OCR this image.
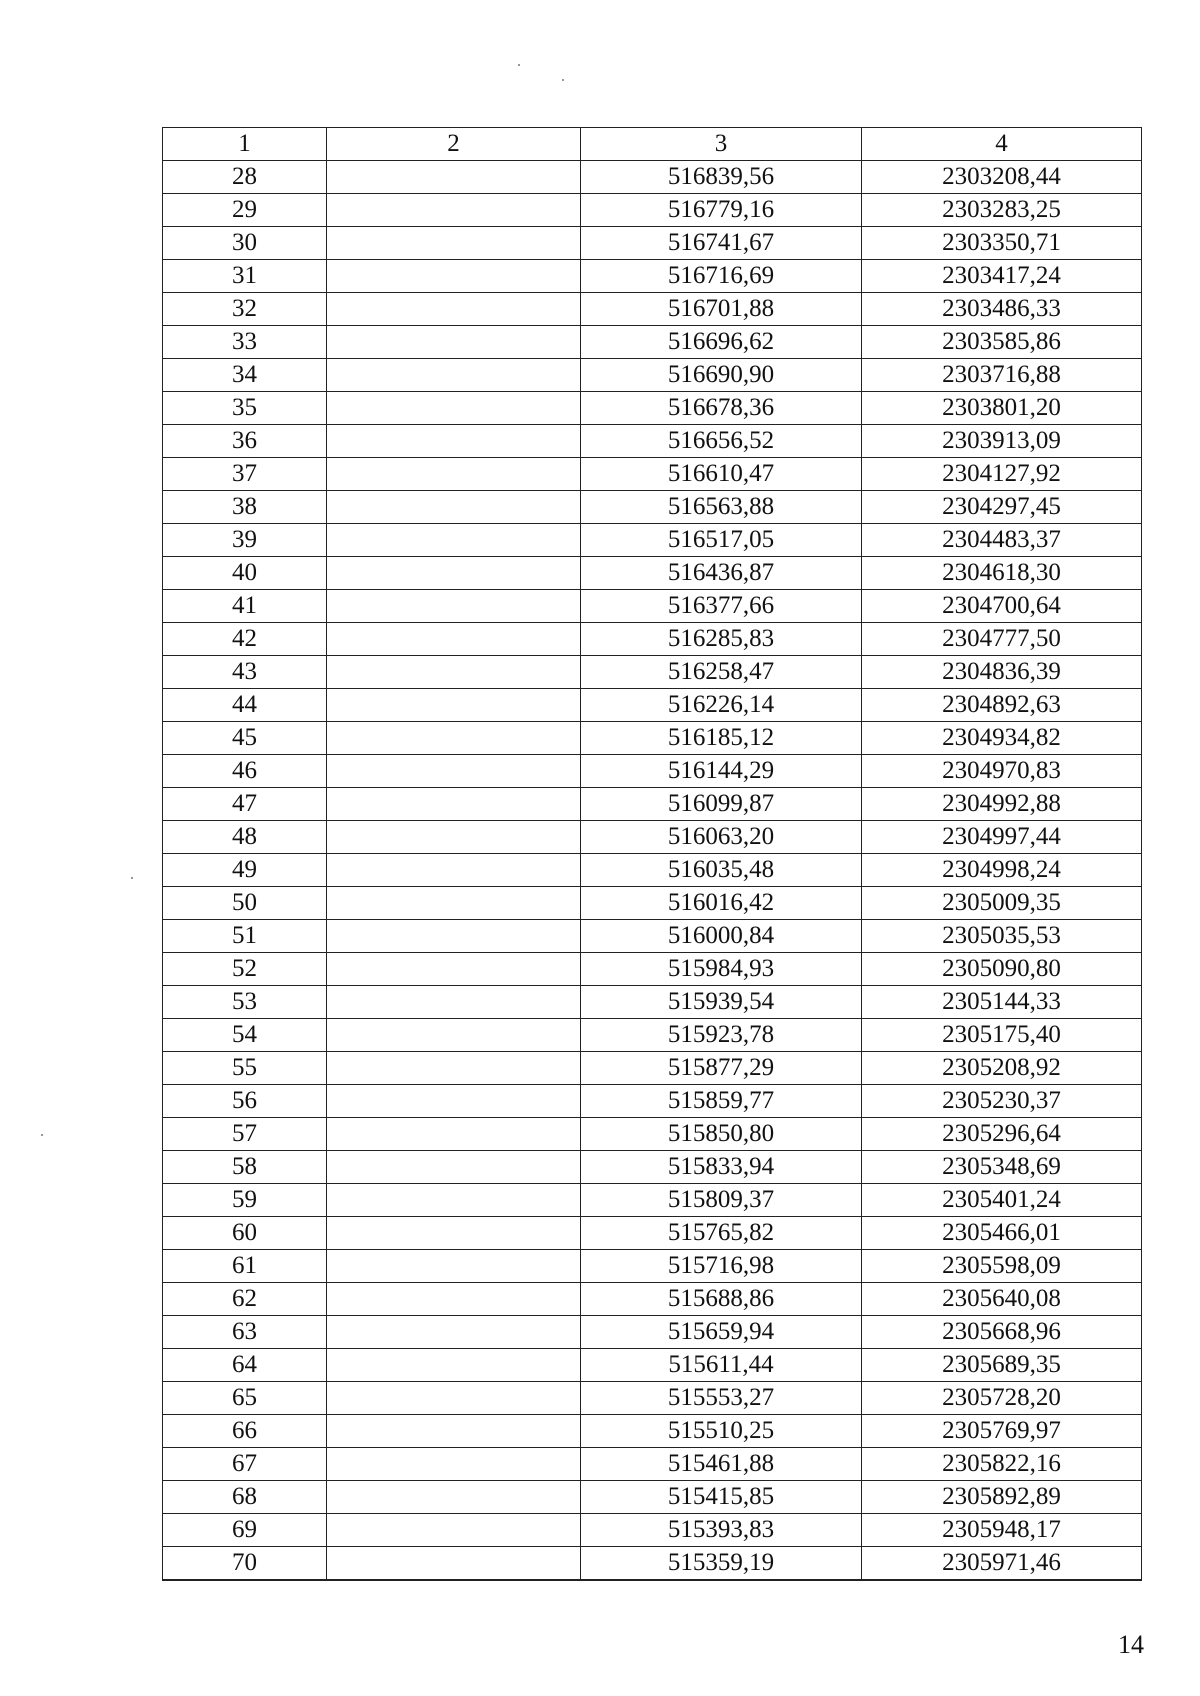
1	2	3	4
28		516839,56	2303208,44
29		516779,16	2303283,25
30		516741,67	2303350,71
31		516716,69	2303417,24
32		516701,88	2303486,33
33		516696,62	2303585,86
34		516690,90	2303716,88
35		516678,36	2303801,20
36		516656,52	2303913,09
37		516610,47	2304127,92
38		516563,88	2304297,45
39		516517,05	2304483,37
40		516436,87	2304618,30
41		516377,66	2304700,64
42		516285,83	2304777,50
43		516258,47	2304836,39
44		516226,14	2304892,63
45		516185,12	2304934,82
46		516144,29	2304970,83
47		516099,87	2304992,88
48		516063,20	2304997,44
49		516035,48	2304998,24
50		516016,42	2305009,35
51		516000,84	2305035,53
52		515984,93	2305090,80
53		515939,54	2305144,33
54		515923,78	2305175,40
55		515877,29	2305208,92
56		515859,77	2305230,37
57		515850,80	2305296,64
58		515833,94	2305348,69
59		515809,37	2305401,24
60		515765,82	2305466,01
61		515716,98	2305598,09
62		515688,86	2305640,08
63		515659,94	2305668,96
64		515611,44	2305689,35
65		515553,27	2305728,20
66		515510,25	2305769,97
67		515461,88	2305822,16
68		515415,85	2305892,89
69		515393,83	2305948,17
70		515359,19	2305971,46
14
